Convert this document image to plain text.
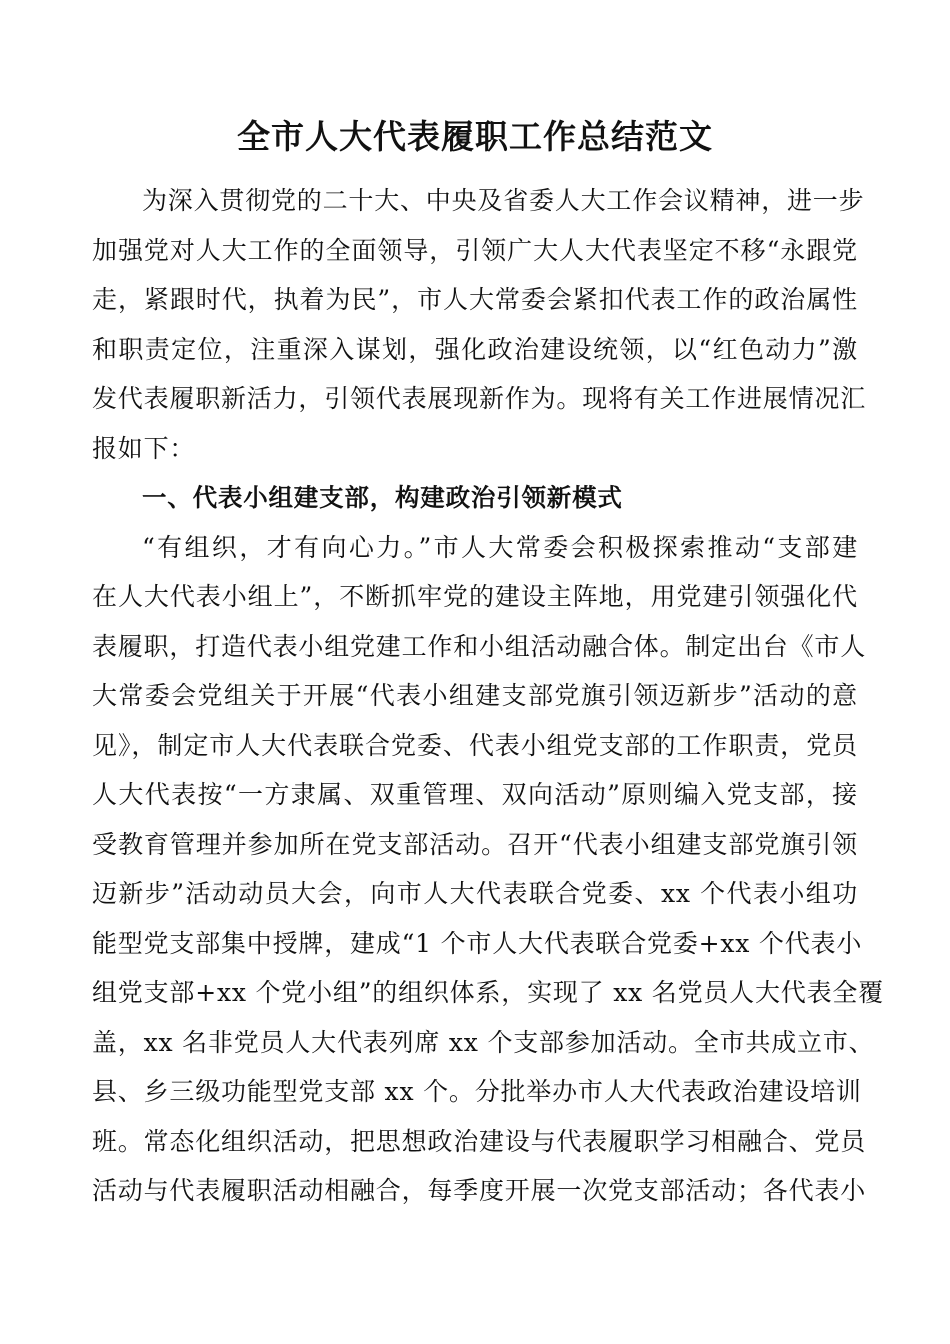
全市人大代表履职工作总结范文
为深入贯彻党的二十大、中央及省委人大工作会议精神，进一步
加强党对人大工作的全面领导，引领广大人大代表坚定不移“永跟党
走，紧跟时代，执着为民”，市人大常委会紧扣代表工作的政治属性
和职责定位，注重深入谋划，强化政治建设统领，以“红色动力”激
发代表履职新活力，引领代表展现新作为。现将有关工作进展情况汇
报如下：
一、代表小组建支部，构建政治引领新模式
“有组织，才有向心力。”市人大常委会积极探索推动“支部建
在人大代表小组上”，不断抓牢党的建设主阵地，用党建引领强化代
表履职，打造代表小组党建工作和小组活动融合体。制定出台《市人
大常委会党组关于开展“代表小组建支部党旗引领迈新步”活动的意
见》，制定市人大代表联合党委、代表小组党支部的工作职责，党员
人大代表按“一方隶属、双重管理、双向活动”原则编入党支部，接
受教育管理并参加所在党支部活动。召开“代表小组建支部党旗引领
迈新步”活动动员大会，向市人大代表联合党委、xx 个代表小组功
能型党支部集中授牌，建成“1 个市人大代表联合党委+xx 个代表小
组党支部+xx 个党小组”的组织体系，实现了 xx 名党员人大代表全覆
盖，xx 名非党员人大代表列席 xx 个支部参加活动。全市共成立市、
县、乡三级功能型党支部 xx 个。分批举办市人大代表政治建设培训
班。常态化组织活动，把思想政治建设与代表履职学习相融合、党员
活动与代表履职活动相融合，每季度开展一次党支部活动；各代表小
